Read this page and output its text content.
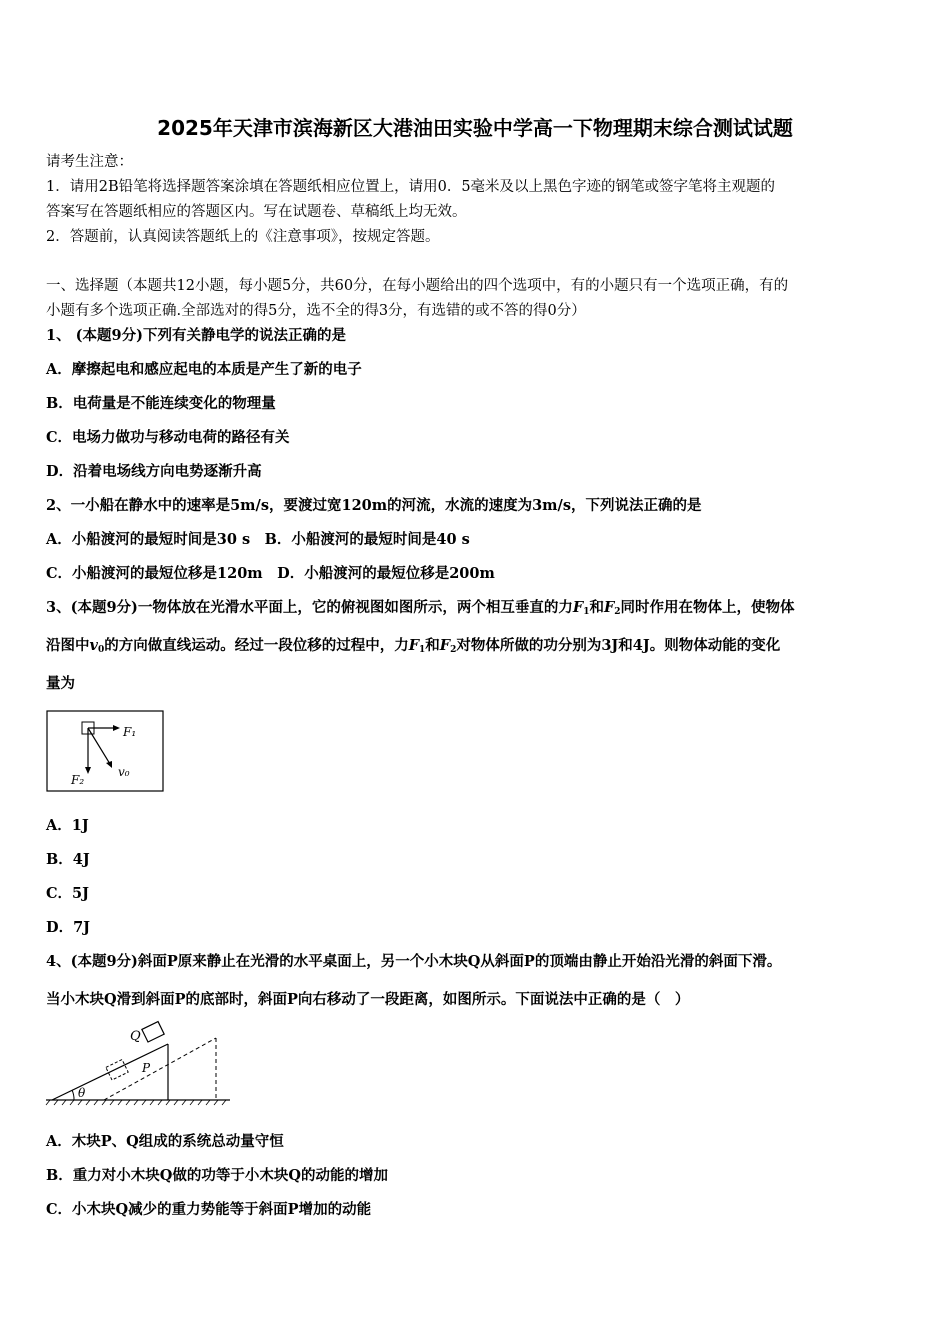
2025年天津市滨海新区大港油田实验中学高一下物理期末综合测试试题
请考生注意：
1．请用2B铅笔将选择题答案涂填在答题纸相应位置上，请用0．5毫米及以上黑色字迹的钢笔或签字笔将主观题的
答案写在答题纸相应的答题区内。写在试题卷、草稿纸上均无效。
2．答题前，认真阅读答题纸上的《注意事项》，按规定答题。
一、选择题（本题共12小题，每小题5分，共60分，在每小题给出的四个选项中，有的小题只有一个选项正确，有的
小题有多个选项正确.全部选对的得5分，选不全的得3分，有选错的或不答的得0分）
1、 (本题9分)下列有关静电学的说法正确的是
A．摩擦起电和感应起电的本质是产生了新的电子
B．电荷量是不能连续变化的物理量
C．电场力做功与移动电荷的路径有关
D．沿着电场线方向电势逐渐升高
2、一小船在静水中的速率是5m/s，要渡过宽120m的河流，水流的速度为3m/s，下列说法正确的是
A．小船渡河的最短时间是30 s　B．小船渡河的最短时间是40 s
C．小船渡河的最短位移是120m　D．小船渡河的最短位移是200m
3、(本题9分)一物体放在光滑水平面上，它的俯视图如图所示，两个相互垂直的力$F_1$和$F_2$同时作用在物体上，使物体
沿图中$v_0$的方向做直线运动。经过一段位移的过程中，力$F_1$和$F_2$对物体所做的功分别为3J和4J。则物体动能的变化
量为
F₁
F₂
v₀
A．1J
B．4J
C．5J
D．7J
4、(本题9分)斜面P原来静止在光滑的水平桌面上，另一个小木块Q从斜面P的顶端由静止开始沿光滑的斜面下滑。
当小木块Q滑到斜面P的底部时，斜面P向右移动了一段距离，如图所示。下面说法中正确的是（　）
Q
P
θ
A．木块P、Q组成的系统总动量守恒
B．重力对小木块Q做的功等于小木块Q的动能的增加
C．小木块Q减少的重力势能等于斜面P增加的动能
